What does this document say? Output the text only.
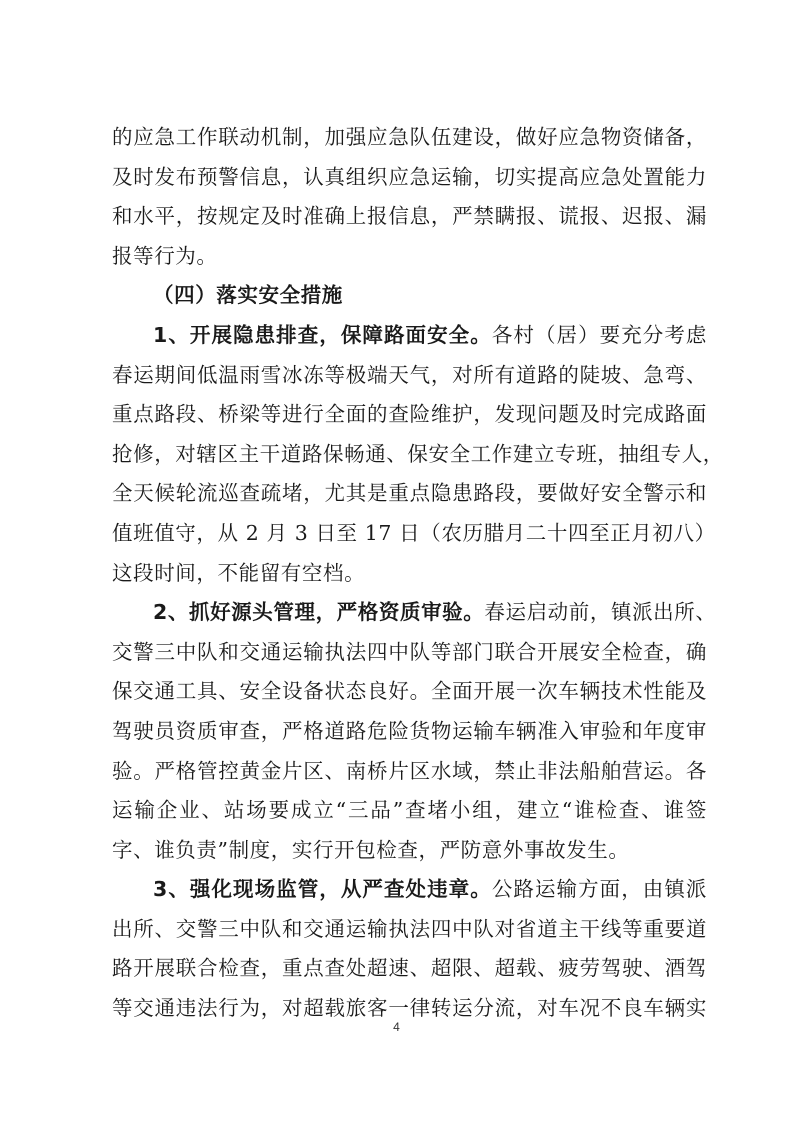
的应急工作联动机制，加强应急队伍建设，做好应急物资储备，
及时发布预警信息，认真组织应急运输，切实提高应急处置能力
和水平，按规定及时准确上报信息，严禁瞒报、谎报、迟报、漏
报等行为。
（四）落实安全措施
1、开展隐患排查，保障路面安全。各村（居）要充分考虑
春运期间低温雨雪冰冻等极端天气，对所有道路的陡坡、急弯、
重点路段、桥梁等进行全面的查险维护，发现问题及时完成路面
抢修，对辖区主干道路保畅通、保安全工作建立专班，抽组专人，
全天候轮流巡查疏堵，尤其是重点隐患路段，要做好安全警示和
值班值守，从 2 月 3 日至 17 日（农历腊月二十四至正月初八）
这段时间，不能留有空档。
2、抓好源头管理，严格资质审验。春运启动前，镇派出所、
交警三中队和交通运输执法四中队等部门联合开展安全检查，确
保交通工具、安全设备状态良好。全面开展一次车辆技术性能及
驾驶员资质审查，严格道路危险货物运输车辆准入审验和年度审
验。严格管控黄金片区、南桥片区水域，禁止非法船舶营运。各
运输企业、站场要成立“三品”查堵小组，建立“谁检查、谁签
字、谁负责”制度，实行开包检查，严防意外事故发生。
3、强化现场监管，从严查处违章。公路运输方面，由镇派
出所、交警三中队和交通运输执法四中队对省道主干线等重要道
路开展联合检查，重点查处超速、超限、超载、疲劳驾驶、酒驾
等交通违法行为，对超载旅客一律转运分流，对车况不良车辆实
4
